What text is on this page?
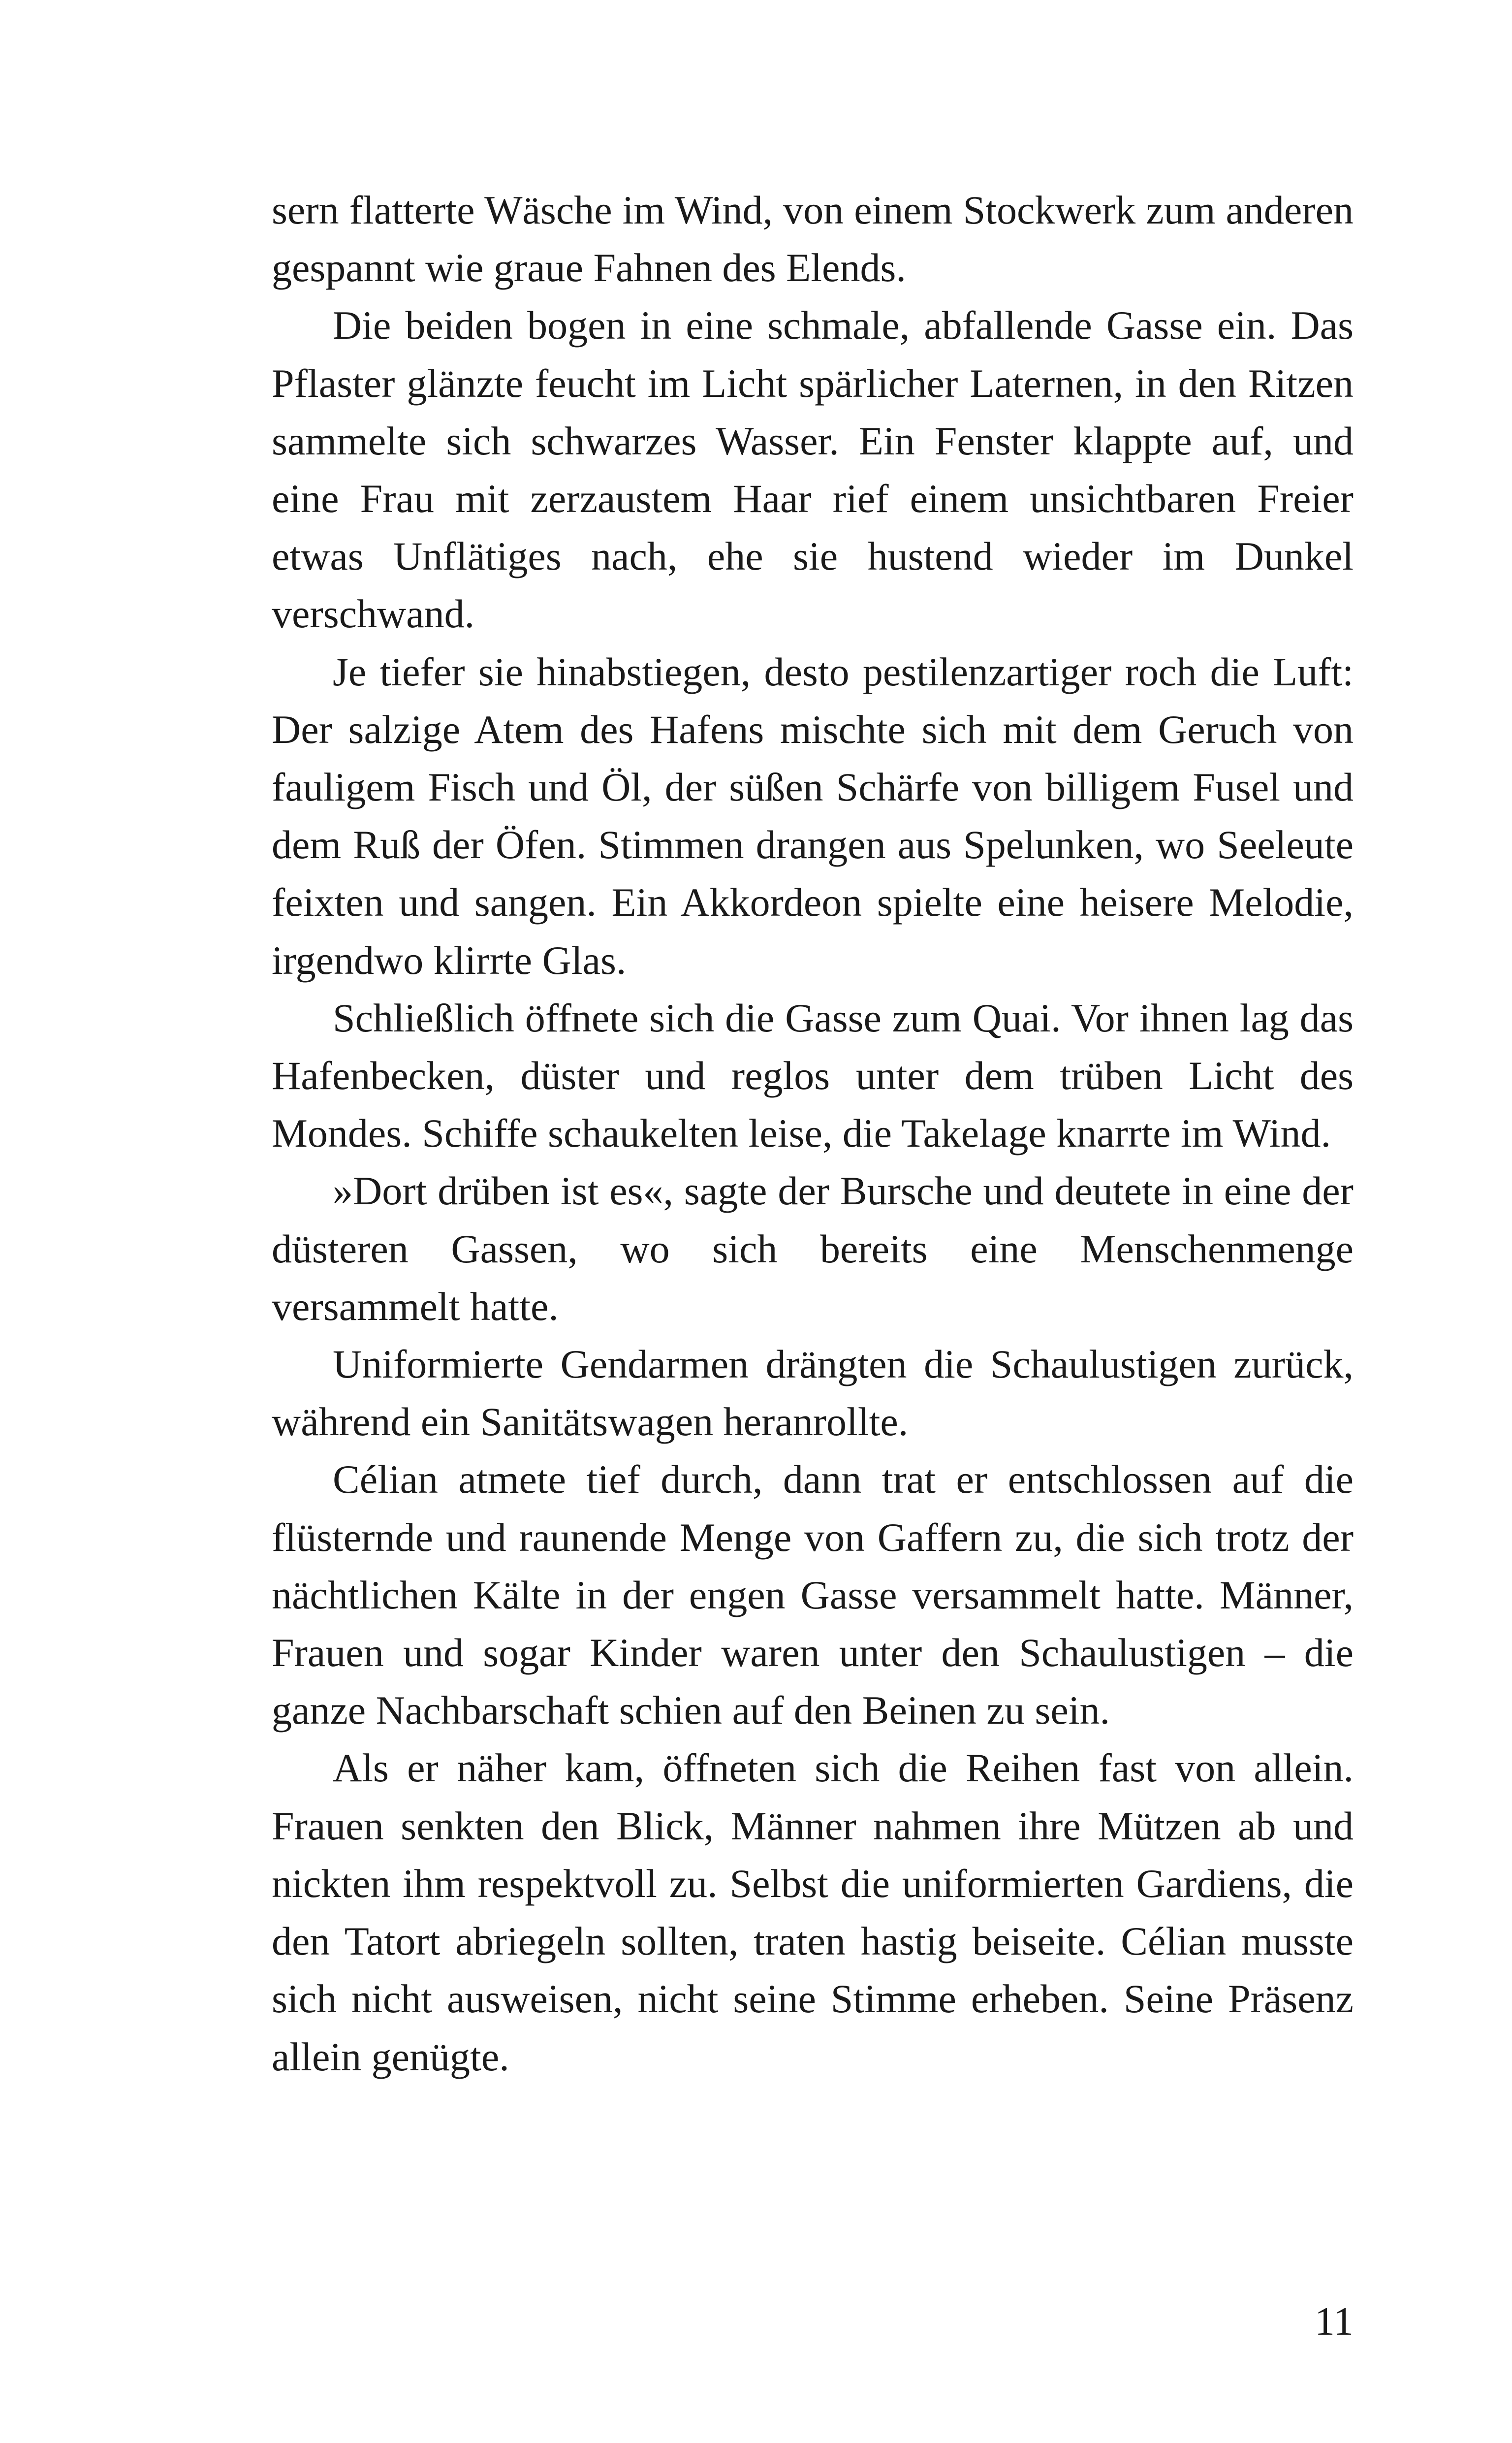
sern flatterte Wäsche im Wind, von einem Stockwerk zum anderen gespannt wie graue Fahnen des Elends.

Die beiden bogen in eine schmale, abfallende Gasse ein. Das Pflaster glänzte feucht im Licht spärlicher Laternen, in den Ritzen sammelte sich schwarzes Wasser. Ein Fenster klappte auf, und eine Frau mit zerzaustem Haar rief einem unsichtbaren Freier etwas Unflätiges nach, ehe sie hustend wieder im Dunkel verschwand.

Je tiefer sie hinabstiegen, desto pestilenzartiger roch die Luft: Der salzige Atem des Hafens mischte sich mit dem Geruch von fauligem Fisch und Öl, der süßen Schärfe von billigem Fusel und dem Ruß der Öfen. Stimmen drangen aus Spelunken, wo Seeleute feixten und sangen. Ein Akkordeon spielte eine heisere Melodie, irgendwo klirrte Glas.

Schließlich öffnete sich die Gasse zum Quai. Vor ihnen lag das Hafenbecken, düster und reglos unter dem trüben Licht des Mondes. Schiffe schaukelten leise, die Takelage knarrte im Wind.

»Dort drüben ist es«, sagte der Bursche und deutete in eine der düsteren Gassen, wo sich bereits eine Menschenmenge versammelt hatte.

Uniformierte Gendarmen drängten die Schaulustigen zurück, während ein Sanitätswagen heranrollte.

Célian atmete tief durch, dann trat er entschlossen auf die flüsternde und raunende Menge von Gaffern zu, die sich trotz der nächtlichen Kälte in der engen Gasse versammelt hatte. Männer, Frauen und sogar Kinder waren unter den Schaulustigen – die ganze Nachbarschaft schien auf den Beinen zu sein.

Als er näher kam, öffneten sich die Reihen fast von allein. Frauen senkten den Blick, Männer nahmen ihre Mützen ab und nickten ihm respektvoll zu. Selbst die uniformierten Gardiens, die den Tatort abriegeln sollten, traten hastig beiseite. Célian musste sich nicht ausweisen, nicht seine Stimme erheben. Seine Präsenz allein genügte.

11
